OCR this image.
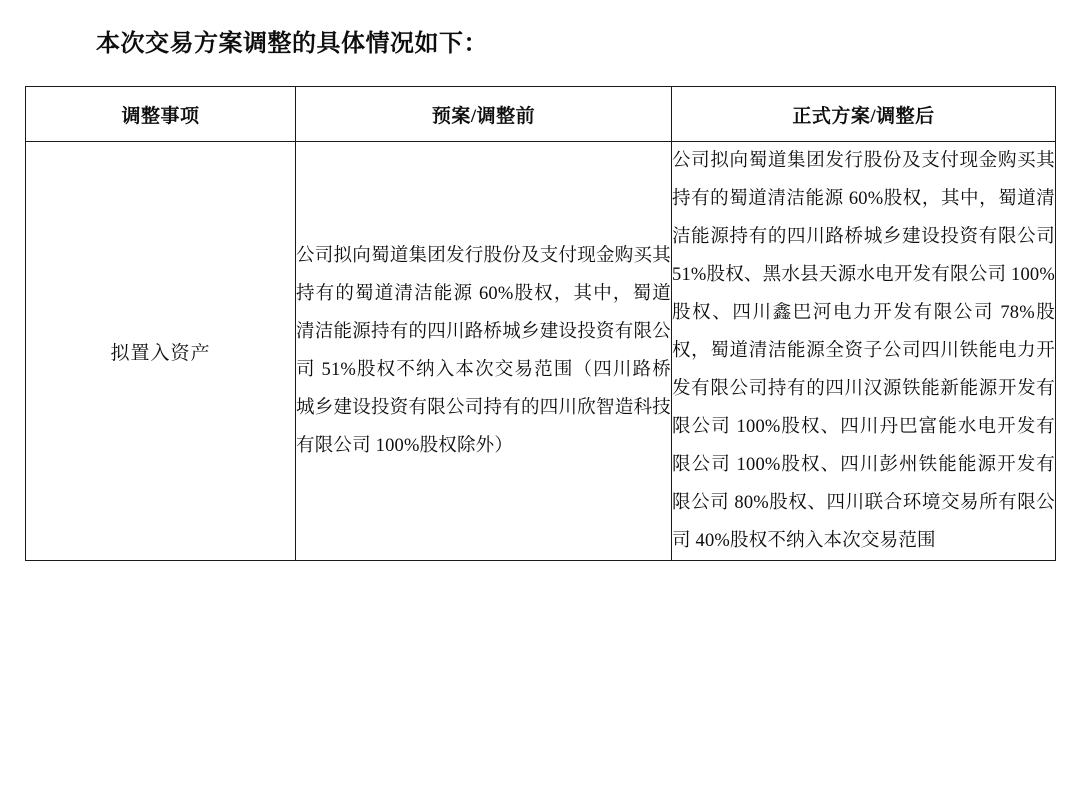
本次交易方案调整的具体情况如下：
调整事项	预案/调整前	正式方案/调整后
拟置入资产	公司拟向蜀道集团发行股份及支付现金购买其持有的蜀道清洁能源 60%股权，其中，蜀道清洁能源持有的四川路桥城乡建设投资有限公司 51%股权不纳入本次交易范围（四川路桥城乡建设投资有限公司持有的四川欣智造科技有限公司 100%股权除外）	公司拟向蜀道集团发行股份及支付现金购买其持有的蜀道清洁能源 60%股权，其中，蜀道清洁能源持有的四川路桥城乡建设投资有限公司 51%股权、黑水县天源水电开发有限公司 100%股权、四川鑫巴河电力开发有限公司 78%股权，蜀道清洁能源全资子公司四川铁能电力开发有限公司持有的四川汉源铁能新能源开发有限公司 100%股权、四川丹巴富能水电开发有限公司 100%股权、四川彭州铁能能源开发有限公司 80%股权、四川联合环境交易所有限公司 40%股权不纳入本次交易范围
